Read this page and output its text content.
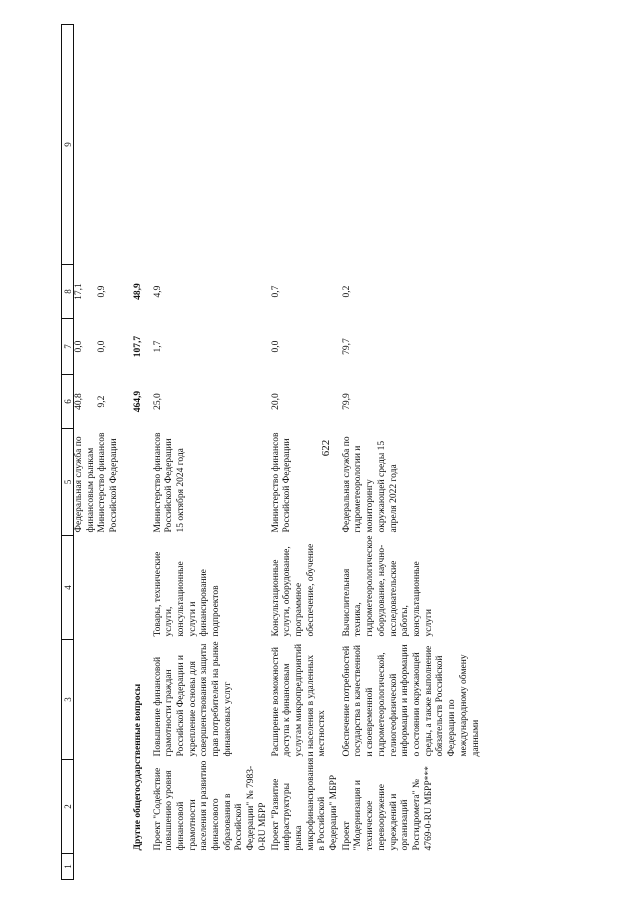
622
1	2	3	4	5	6	7	8	9
				Федеральная служба по финансовым рынкам	40,8	0,0	17,1	
				Министерство финансов Российской Федерации	9,2	0,0	0,9	
	Другие общегосударственные вопросы				464,9	107,7	48,9	
	Проект "Содействие повышению уровня финансовой грамотности населения и развитию финансового образования в Российской Федерации" № 7983-0-RU МБРР	Повышение финансовой грамотности граждан Российской Федерации и укрепление основы для совершенствования защиты прав потребителей на рынке финансовых услуг	Товары, технические услуги, консультационные услуги и финансирование подпроектов	Министерство финансов Российской Федерации 15 октября 2024 года	25,0	1,7	4,9	
	Проект "Развитие инфраструктуры рынка микрофинансирования в Российской Федерации" МБРР	Расширение возможностей доступа к финансовым услугам микропредприятий и населения в удаленных местностях	Консультационные услуги, оборудование, программное обеспечение, обучение	Министерство финансов Российской Федерации	20,0	0,0	0,7	
	Проект "Модернизация и техническое перевооружение учреждений и организаций Росгидромета" № 4769-0-RU МБРР***	Обеспечение потребностей государства в качественной и своевременной гидрометеорологической, гелиогеофизической информации и информации о состоянии окружающей среды, а также выполнение обязательств Российской Федерации по международному обмену данными	Вычислительная техника, гидрометеорологическое оборудование, научно-исследовательские работы, консультационные услуги	Федеральная служба по гидрометеорологии и мониторингу окружающей среды 15 апреля 2022 года	79,9	79,7	0,2	
